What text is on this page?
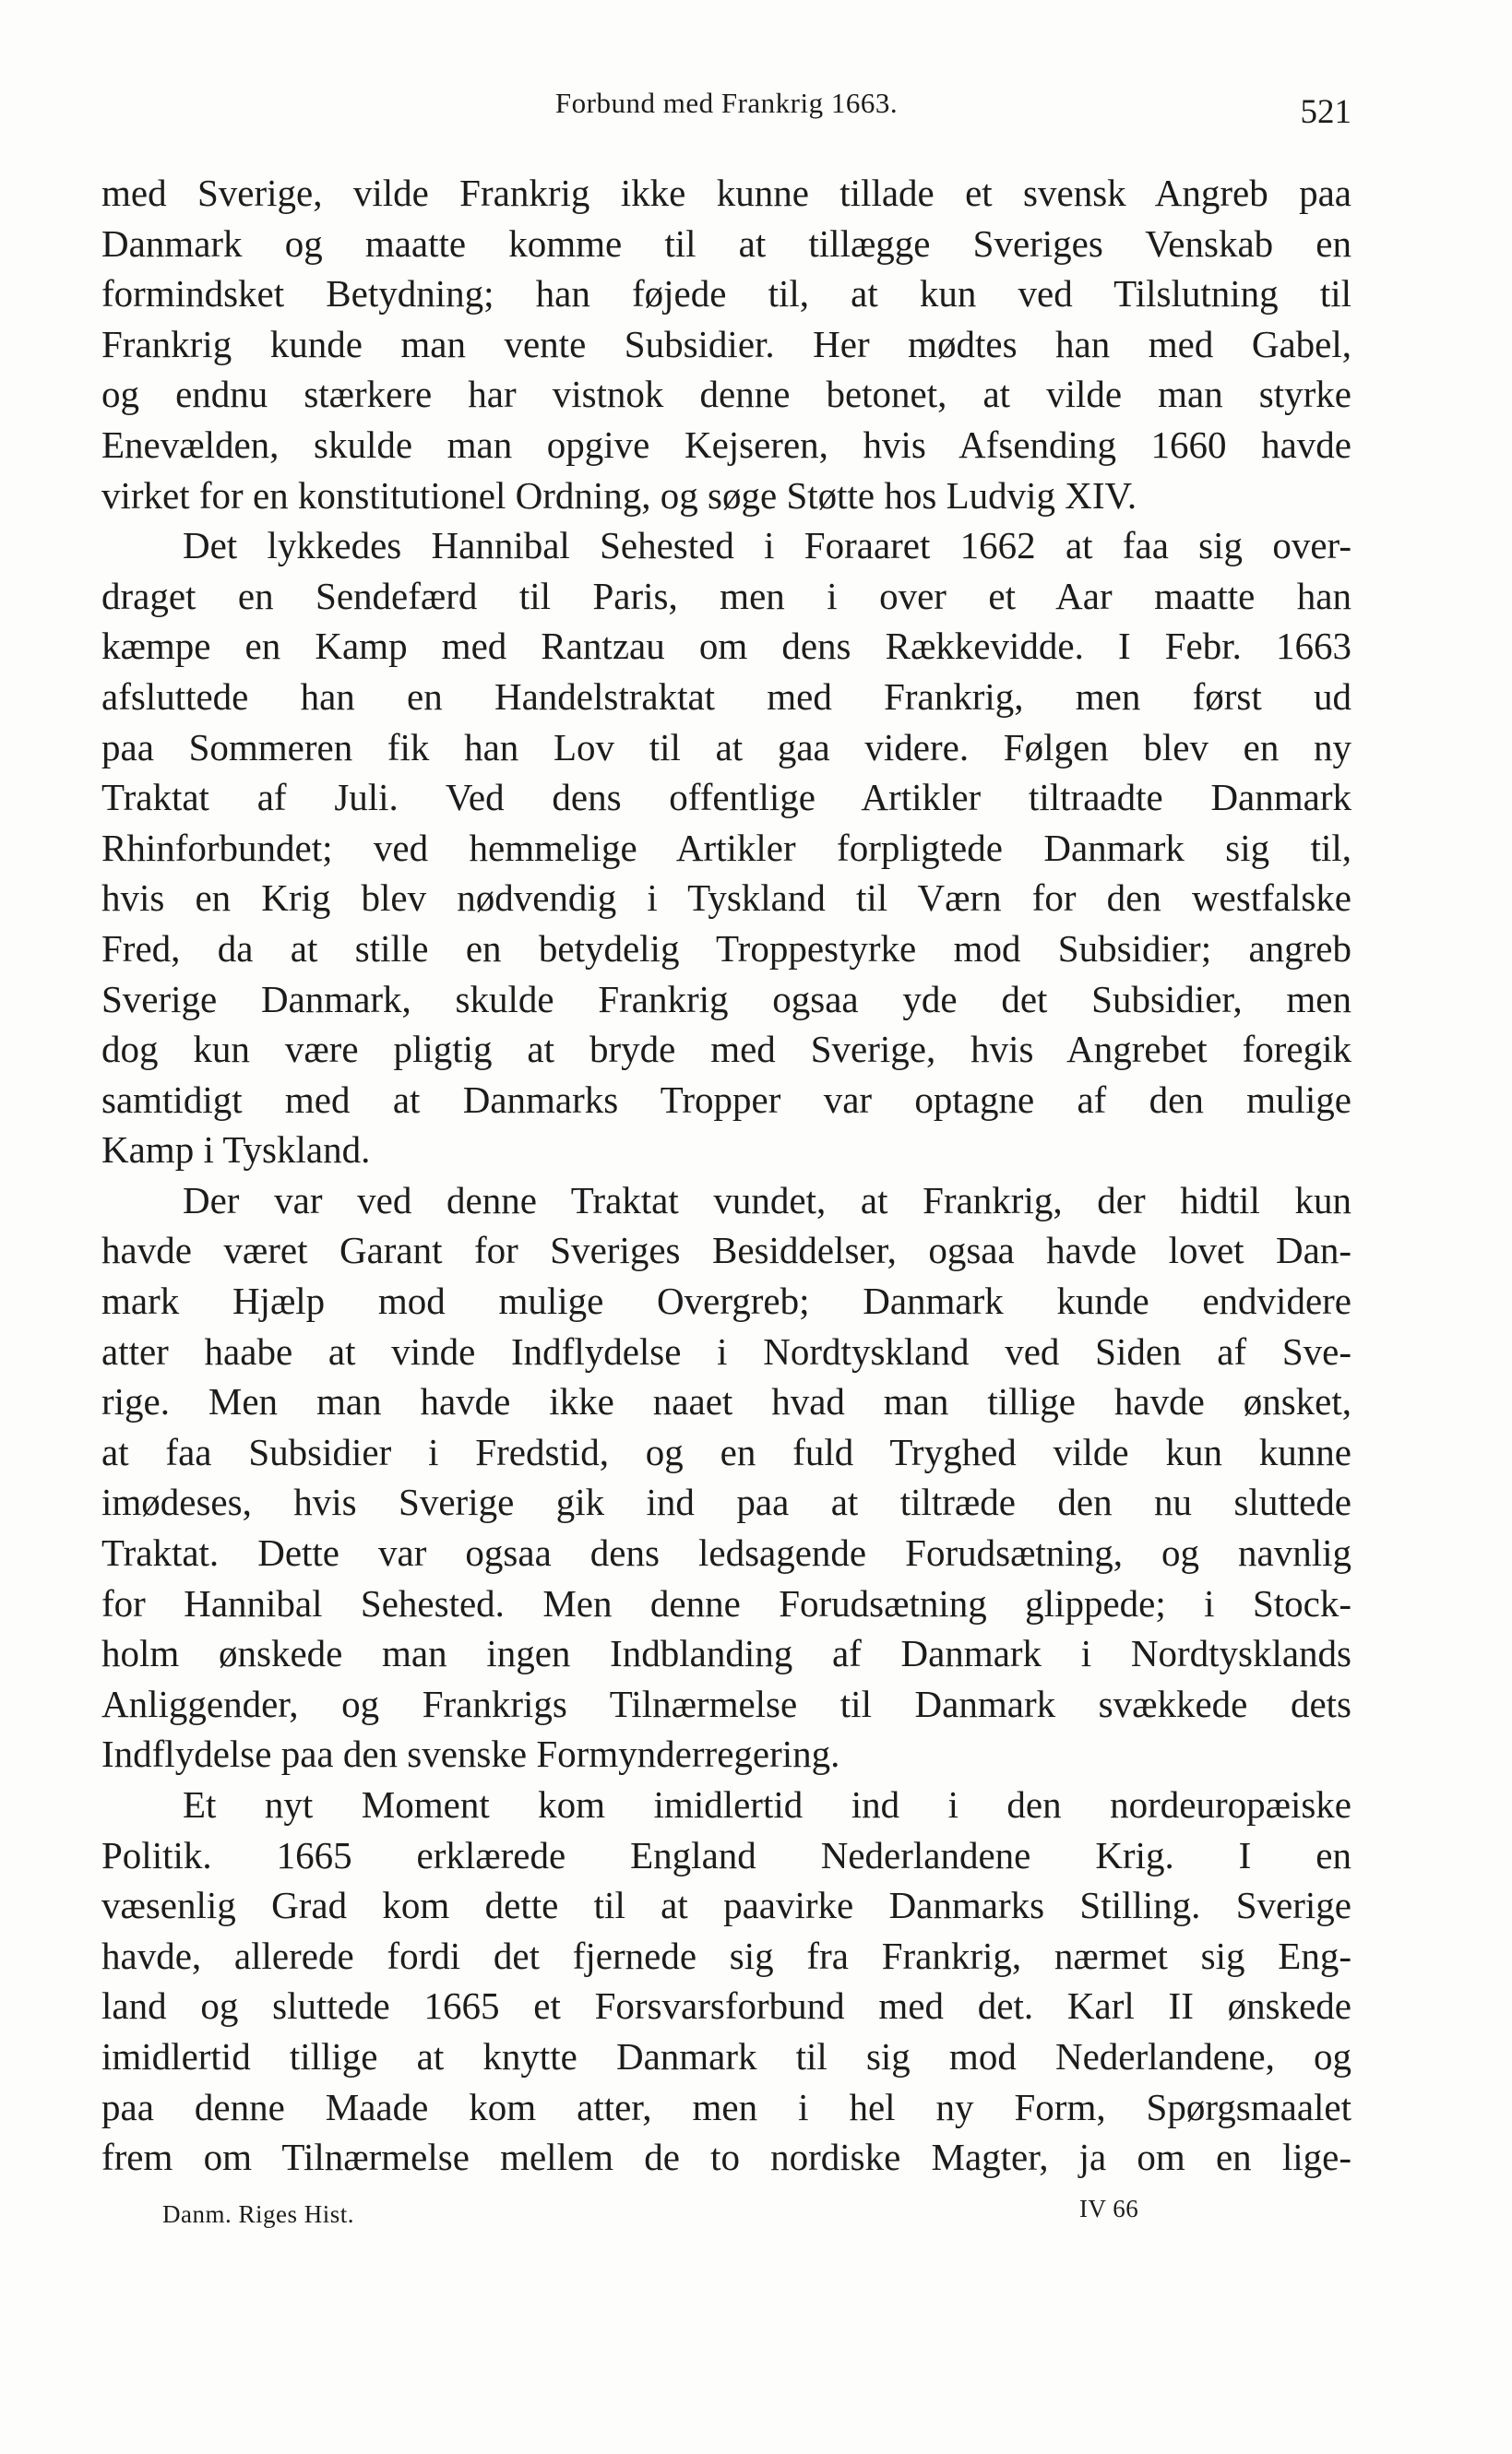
Forbund med Frankrig 1663.	521
med Sverige, vilde Frankrig ikke kunne tillade et svensk Angreb paa
Danmark og maatte komme til at tillægge Sveriges Venskab en
formindsket Betydning; han føjede til, at kun ved Tilslutning til
Frankrig kunde man vente Subsidier. Her mødtes han med Gabel,
og endnu stærkere har vistnok denne betonet, at vilde man styrke
Enevælden, skulde man opgive Kejseren, hvis Afsending 1660 havde
virket for en konstitutionel Ordning, og søge Støtte hos Ludvig XIV.
Det lykkedes Hannibal Sehested i Foraaret 1662 at faa sig over-
draget en Sendefærd til Paris, men i over et Aar maatte han
kæmpe en Kamp med Rantzau om dens Rækkevidde. I Febr. 1663
afsluttede han en Handelstraktat med Frankrig, men først ud
paa Sommeren fik han Lov til at gaa videre. Følgen blev en ny
Traktat af Juli. Ved dens offentlige Artikler tiltraadte Danmark
Rhinforbundet; ved hemmelige Artikler forpligtede Danmark sig til,
hvis en Krig blev nødvendig i Tyskland til Værn for den westfalske
Fred, da at stille en betydelig Troppestyrke mod Subsidier; angreb
Sverige Danmark, skulde Frankrig ogsaa yde det Subsidier, men
dog kun være pligtig at bryde med Sverige, hvis Angrebet foregik
samtidigt med at Danmarks Tropper var optagne af den mulige
Kamp i Tyskland.
Der var ved denne Traktat vundet, at Frankrig, der hidtil kun
havde været Garant for Sveriges Besiddelser, ogsaa havde lovet Dan-
mark Hjælp mod mulige Overgreb; Danmark kunde endvidere
atter haabe at vinde Indflydelse i Nordtyskland ved Siden af Sve-
rige. Men man havde ikke naaet hvad man tillige havde ønsket,
at faa Subsidier i Fredstid, og en fuld Tryghed vilde kun kunne
imødeses, hvis Sverige gik ind paa at tiltræde den nu sluttede
Traktat. Dette var ogsaa dens ledsagende Forudsætning, og navnlig
for Hannibal Sehested. Men denne Forudsætning glippede; i Stock-
holm ønskede man ingen Indblanding af Danmark i Nordtysklands
Anliggender, og Frankrigs Tilnærmelse til Danmark svækkede dets
Indflydelse paa den svenske Formynderregering.
Et nyt Moment kom imidlertid ind i den nordeuropæiske
Politik. 1665 erklærede England Nederlandene Krig. I en
væsenlig Grad kom dette til at paavirke Danmarks Stilling. Sverige
havde, allerede fordi det fjernede sig fra Frankrig, nærmet sig Eng-
land og sluttede 1665 et Forsvarsforbund med det. Karl II ønskede
imidlertid tillige at knytte Danmark til sig mod Nederlandene, og
paa denne Maade kom atter, men i hel ny Form, Spørgsmaalet
frem om Tilnærmelse mellem de to nordiske Magter, ja om en lige-
Danm. Riges Hist.	IV 66
